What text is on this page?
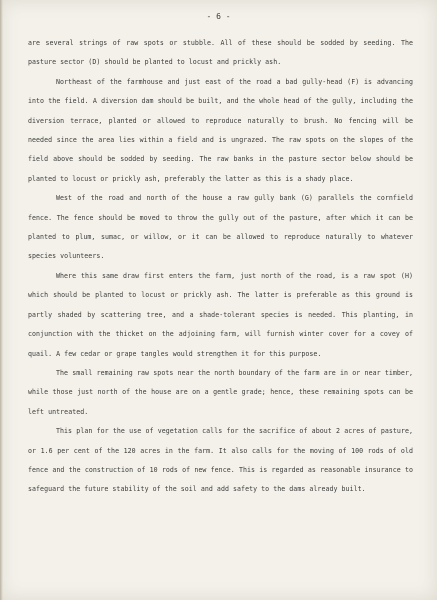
- 6 -

are several strings of raw spots or stubble. All of these should be sodded by seeding. The pasture sector (D) should be planted to locust and prickly ash.

Northeast of the farmhouse and just east of the road a bad gully-head (F) is advancing into the field. A diversion dam should be built, and the whole head of the gully, including the diversion terrace, planted or allowed to reproduce naturally to brush. No fencing will be needed since the area lies within a field and is ungrazed. The raw spots on the slopes of the field above should be sodded by seeding. The raw banks in the pasture sector below should be planted to locust or prickly ash, preferably the latter as this is a shady place.

West of the road and north of the house a raw gully bank (G) parallels the cornfield fence. The fence should be moved to throw the gully out of the pasture, after which it can be planted to plum, sumac, or willow, or it can be allowed to reproduce naturally to whatever species volunteers.

Where this same draw first enters the farm, just north of the road, is a raw spot (H) which should be planted to locust or prickly ash. The latter is preferable as this ground is partly shaded by scattering tree, and a shade-tolerant species is needed. This planting, in conjunction with the thicket on the adjoining farm, will furnish winter cover for a covey of quail. A few cedar or grape tangles would strengthen it for this purpose.

The small remaining raw spots near the north boundary of the farm are in or near timber, while those just north of the house are on a gentle grade; hence, these remaining spots can be left untreated.

This plan for the use of vegetation calls for the sacrifice of about 2 acres of pasture, or 1.6 per cent of the 120 acres in the farm. It also calls for the moving of 100 rods of old fence and the construction of 10 rods of new fence. This is regarded as reasonable insurance to safeguard the future stability of the soil and add safety to the dams already built.
